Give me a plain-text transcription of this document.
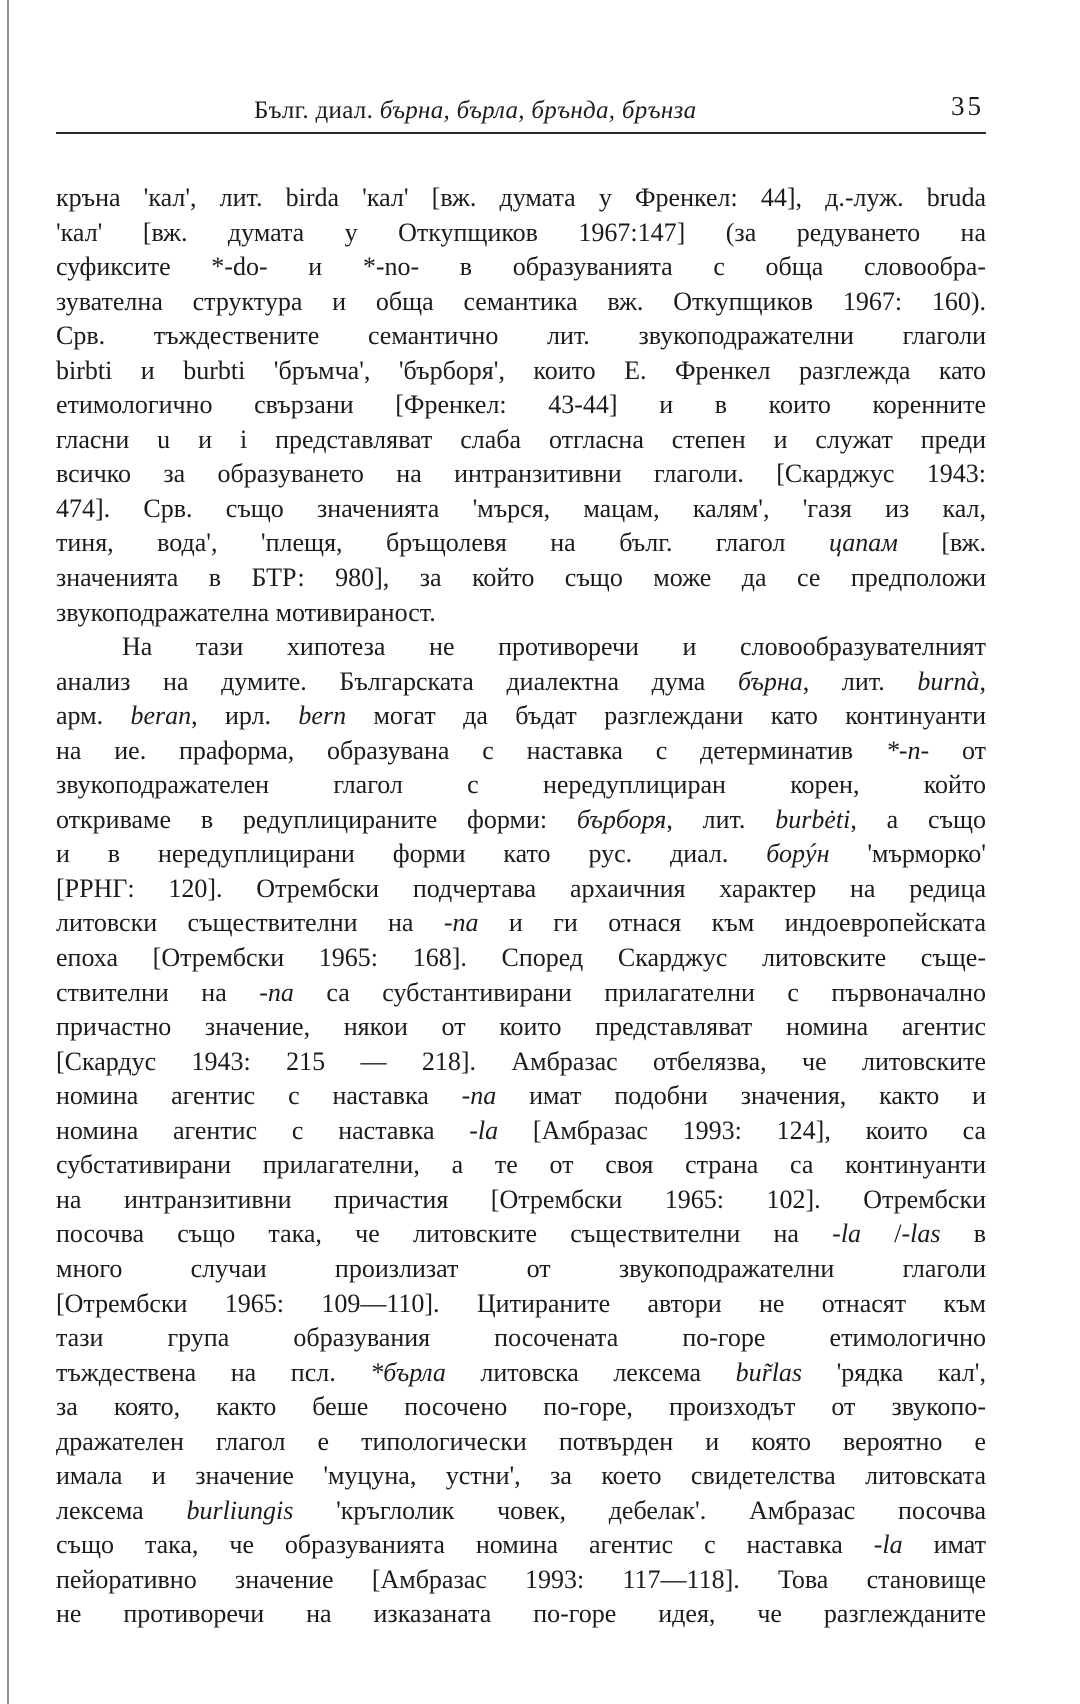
Бълг. диал. бърна, бърла, брънда, брънза	35
кръна 'кал', лит. birda 'кал' [вж. думата у Френкел: 44], д.-луж. bruda
'кал' [вж. думата у Откупщиков 1967:147] (за редуването на
суфиксите *-do- и *-no- в образуванията с обща словообра-
зувателна структура и обща семантика вж. Откупщиков 1967: 160).
Срв. тъждествените семантично лит. звукоподражателни глаголи
birbti и burbti 'бръмча', 'бърборя', които Е. Френкел разглежда като
етимологично свързани [Френкел: 43-44] и в които коренните
гласни u и i представляват слаба отгласна степен и служат преди
всичко за образуването на интранзитивни глаголи. [Скарджус 1943:
474]. Срв. също значенията 'мърся, мацам, калям', 'газя из кал,
тиня, вода', 'плещя, бръщолевя на бълг. глагол цапам [вж.
значенията в БТР: 980], за който също може да се предположи
звукоподражателна мотивираност.
На тази хипотеза не противоречи и словообразувателният
анализ на думите. Българската диалектна дума бърна, лит. burnà,
арм. beran, ирл. bern могат да бъдат разглеждани като континуанти
на ие. праформа, образувана с наставка с детерминатив *-n- от
звукоподражателен глагол с нередуплициран корен, който
откриваме в редуплицираните форми: бърборя, лит. burbėti, а също
и в нередуплицирани форми като рус. диал. борýн 'мърморко'
[РРНГ: 120]. Отрембски подчертава архаичния характер на редица
литовски съществителни на -na и ги отнася към индоевропейската
епоха [Отрембски 1965: 168]. Според Скарджус литовските съще-
ствителни на -na са субстантивирани прилагателни с първоначално
причастно значение, някои от които представляват номина агентис
[Скардус 1943: 215 — 218]. Амбразас отбелязва, че литовските
номина агентис с наставка -na имат подобни значения, както и
номина агентис с наставка -la [Амбразас 1993: 124], които са
субстативирани прилагателни, а те от своя страна са континуанти
на интранзитивни причастия [Отрембски 1965: 102]. Отрембски
посочва също така, че литовските съществителни на -la /-las в
много случаи произлизат от звукоподражателни глаголи
[Отрембски 1965: 109—110]. Цитираните автори не отнасят към
тази група образувания посочената по-горе етимологично
тъждествена на псл. *бърла литовска лексема bur̃las 'рядка кал',
за която, както беше посочено по-горе, произходът от звукопо-
дражателен глагол е типологически потвърден и която вероятно е
имала и значение 'муцуна, устни', за което свидетелства литовската
лексема burliungis 'кръглолик човек, дебелак'. Амбразас посочва
също така, че образуванията номина агентис с наставка -la имат
пейоративно значение [Амбразас 1993: 117—118]. Това становище
не противоречи на изказаната по-горе идея, че разглежданите
